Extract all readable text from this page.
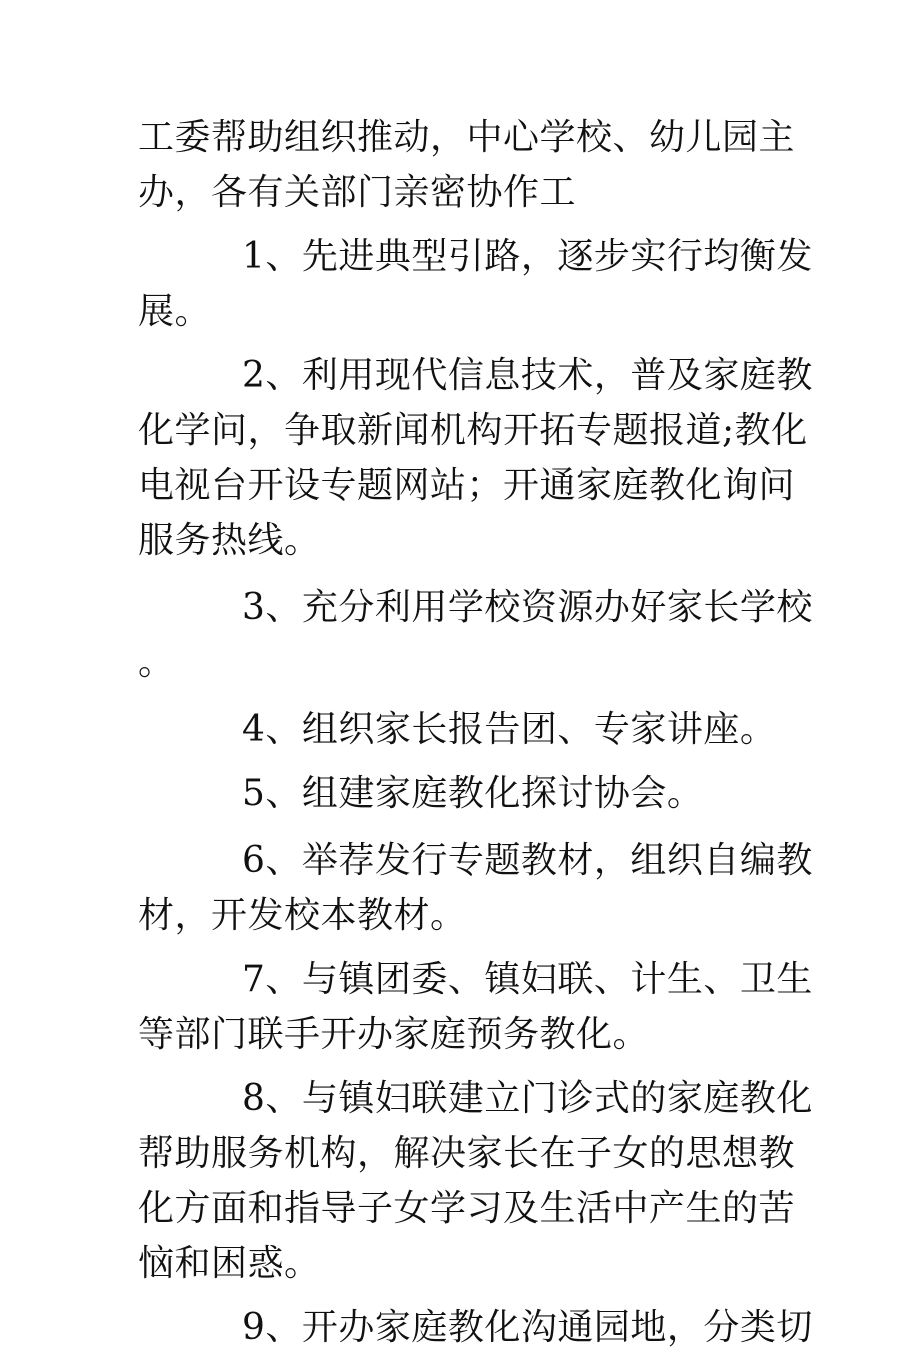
工委帮助组织推动，中心学校、幼儿园主
办，各有关部门亲密协作工
1、先进典型引路，逐步实行均衡发
展。
2、利用现代信息技术，普及家庭教
化学问，争取新闻机构开拓专题报道;教化
电视台开设专题网站；开通家庭教化询问
服务热线。
3、充分利用学校资源办好家长学校
。
4、组织家长报告团、专家讲座。
5、组建家庭教化探讨协会。
6、举荐发行专题教材，组织自编教
材，开发校本教材。
7、与镇团委、镇妇联、计生、卫生
等部门联手开办家庭预务教化。
8、与镇妇联建立门诊式的家庭教化
帮助服务机构，解决家长在子女的思想教
化方面和指导子女学习及生活中产生的苦
恼和困惑。
9、开办家庭教化沟通园地，分类切
